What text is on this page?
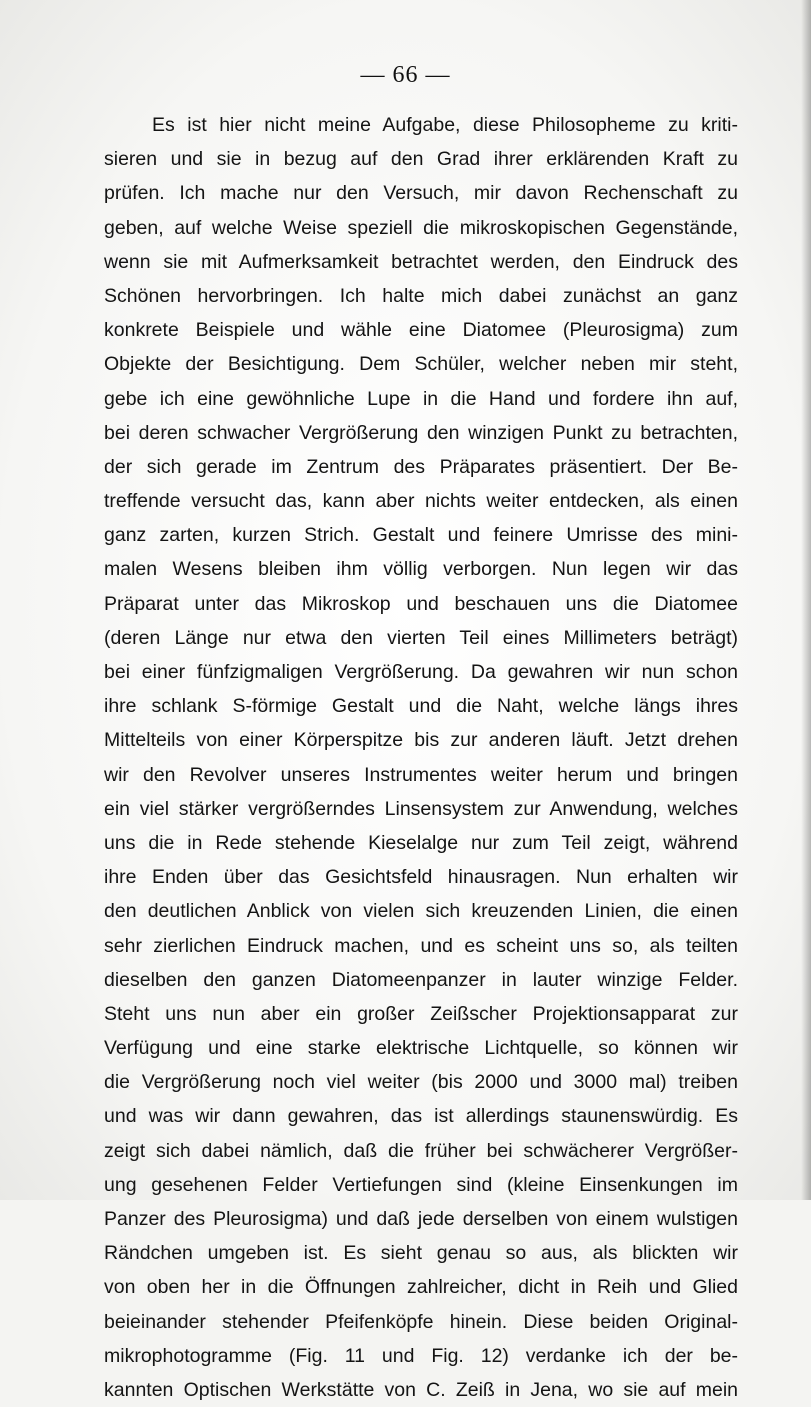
— 66 —

Es ist hier nicht meine Aufgabe, diese Philosopheme zu kriti-
sieren und sie in bezug auf den Grad ihrer erklärenden Kraft zu
prüfen. Ich mache nur den Versuch, mir davon Rechenschaft zu
geben, auf welche Weise speziell die mikroskopischen Gegenstände,
wenn sie mit Aufmerksamkeit betrachtet werden, den Eindruck des
Schönen hervorbringen. Ich halte mich dabei zunächst an ganz
konkrete Beispiele und wähle eine Diatomee (Pleurosigma) zum
Objekte der Besichtigung. Dem Schüler, welcher neben mir steht,
gebe ich eine gewöhnliche Lupe in die Hand und fordere ihn auf,
bei deren schwacher Vergrößerung den winzigen Punkt zu betrachten,
der sich gerade im Zentrum des Präparates präsentiert. Der Be-
treffende versucht das, kann aber nichts weiter entdecken, als einen
ganz zarten, kurzen Strich. Gestalt und feinere Umrisse des mini-
malen Wesens bleiben ihm völlig verborgen. Nun legen wir das
Präparat unter das Mikroskop und beschauen uns die Diatomee
(deren Länge nur etwa den vierten Teil eines Millimeters beträgt)
bei einer fünfzigmaligen Vergrößerung. Da gewahren wir nun schon
ihre schlank S-förmige Gestalt und die Naht, welche längs ihres
Mittelteils von einer Körperspitze bis zur anderen läuft. Jetzt drehen
wir den Revolver unseres Instrumentes weiter herum und bringen
ein viel stärker vergrößerndes Linsensystem zur Anwendung, welches
uns die in Rede stehende Kieselalge nur zum Teil zeigt, während
ihre Enden über das Gesichtsfeld hinausragen. Nun erhalten wir
den deutlichen Anblick von vielen sich kreuzenden Linien, die einen
sehr zierlichen Eindruck machen, und es scheint uns so, als teilten
dieselben den ganzen Diatomeenpanzer in lauter winzige Felder.
Steht uns nun aber ein großer Zeißscher Projektionsapparat zur
Verfügung und eine starke elektrische Lichtquelle, so können wir
die Vergrößerung noch viel weiter (bis 2000 und 3000 mal) treiben
und was wir dann gewahren, das ist allerdings staunenswürdig. Es
zeigt sich dabei nämlich, daß die früher bei schwächerer Vergrößer-
ung gesehenen Felder Vertiefungen sind (kleine Einsenkungen im
Panzer des Pleurosigma) und daß jede derselben von einem wulstigen
Rändchen umgeben ist. Es sieht genau so aus, als blickten wir
von oben her in die Öffnungen zahlreicher, dicht in Reih und Glied
beieinander stehender Pfeifenköpfe hinein. Diese beiden Original-
mikrophotogramme (Fig. 11 und Fig. 12) verdanke ich der be-
kannten Optischen Werkstätte von C. Zeiß in Jena, wo sie auf mein
